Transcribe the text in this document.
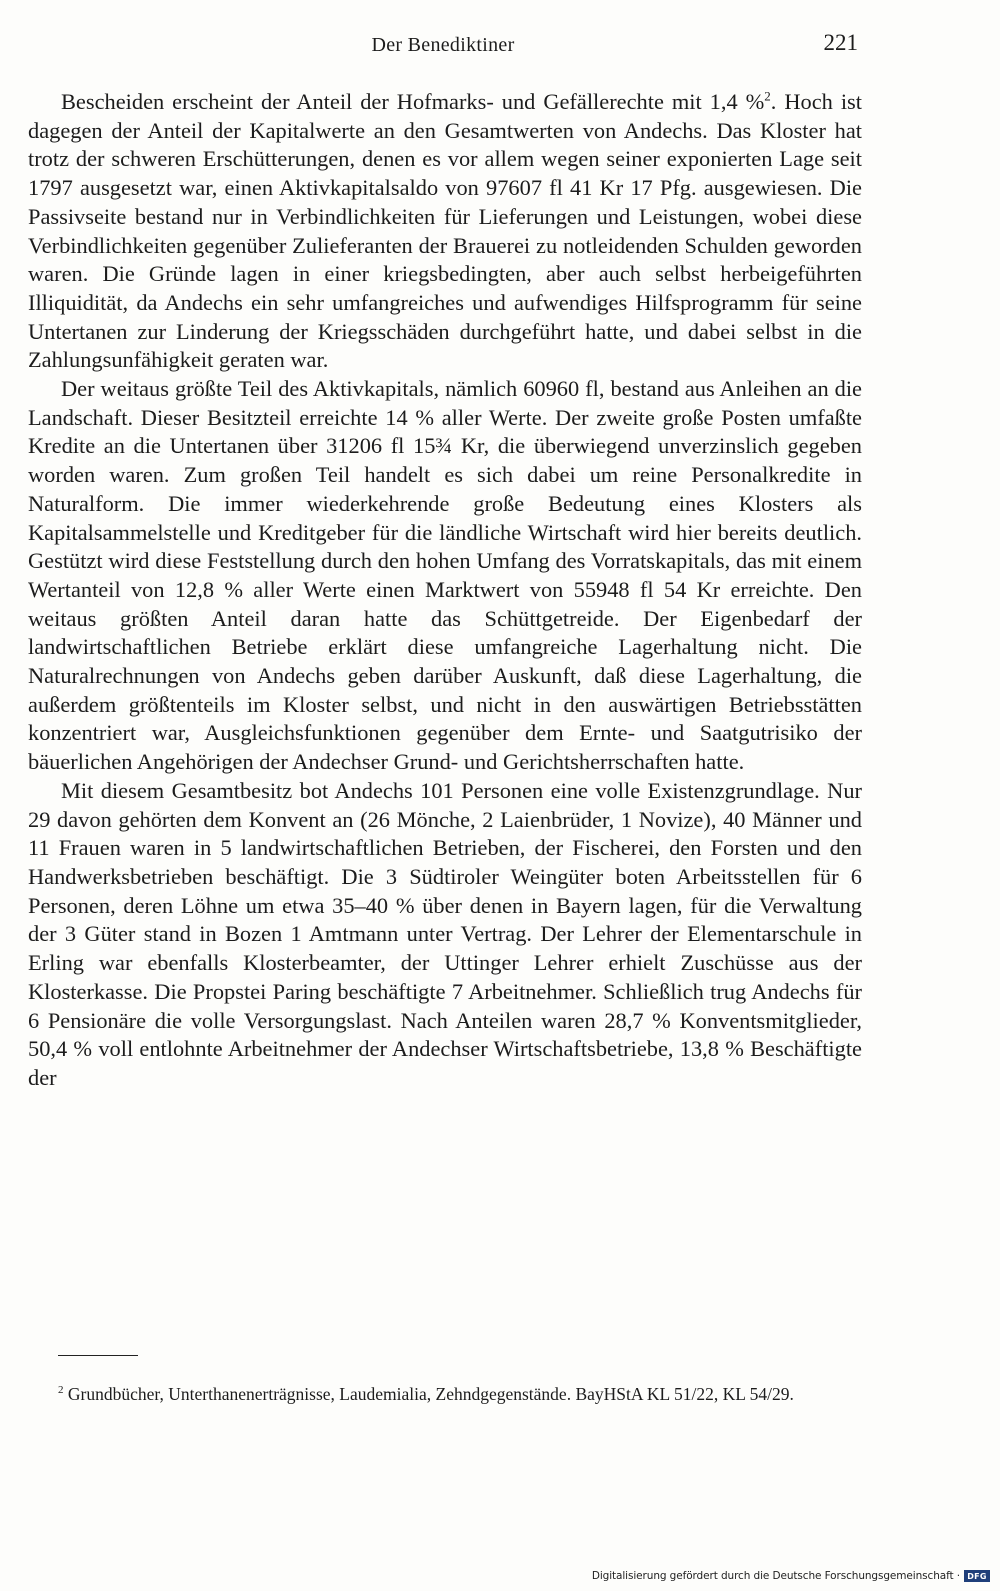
Der Benediktiner	221

Bescheiden erscheint der Anteil der Hofmarks- und Gefällerechte mit 1,4 %$^2$. Hoch ist dagegen der Anteil der Kapitalwerte an den Gesamtwerten von Andechs. Das Kloster hat trotz der schweren Erschütterungen, denen es vor allem wegen seiner exponierten Lage seit 1797 ausgesetzt war, einen Aktivkapitalsaldo von 97607 fl 41 Kr 17 Pfg. ausgewiesen. Die Passivseite bestand nur in Verbindlichkeiten für Lieferungen und Leistungen, wobei diese Verbindlichkeiten gegenüber Zulieferanten der Brauerei zu notleidenden Schulden geworden waren. Die Gründe lagen in einer kriegsbedingten, aber auch selbst herbeigeführten Illiquidität, da Andechs ein sehr umfangreiches und aufwendiges Hilfsprogramm für seine Untertanen zur Linderung der Kriegsschäden durchgeführt hatte, und dabei selbst in die Zahlungsunfähigkeit geraten war.

Der weitaus größte Teil des Aktivkapitals, nämlich 60960 fl, bestand aus Anleihen an die Landschaft. Dieser Besitzteil erreichte 14 % aller Werte. Der zweite große Posten umfaßte Kredite an die Untertanen über 31206 fl 15¾ Kr, die überwiegend unverzinslich gegeben worden waren. Zum großen Teil handelt es sich dabei um reine Personalkredite in Naturalform. Die immer wiederkehrende große Bedeutung eines Klosters als Kapitalsammelstelle und Kreditgeber für die ländliche Wirtschaft wird hier bereits deutlich. Gestützt wird diese Feststellung durch den hohen Umfang des Vorratskapitals, das mit einem Wertanteil von 12,8 % aller Werte einen Marktwert von 55948 fl 54 Kr erreichte. Den weitaus größten Anteil daran hatte das Schüttgetreide. Der Eigenbedarf der landwirtschaftlichen Betriebe erklärt diese umfangreiche Lagerhaltung nicht. Die Naturalrechnungen von Andechs geben darüber Auskunft, daß diese Lagerhaltung, die außerdem größtenteils im Kloster selbst, und nicht in den auswärtigen Betriebsstätten konzentriert war, Ausgleichsfunktionen gegenüber dem Ernte- und Saatgutrisiko der bäuerlichen Angehörigen der Andechser Grund- und Gerichtsherrschaften hatte.

Mit diesem Gesamtbesitz bot Andechs 101 Personen eine volle Existenzgrundlage. Nur 29 davon gehörten dem Konvent an (26 Mönche, 2 Laienbrüder, 1 Novize), 40 Männer und 11 Frauen waren in 5 landwirtschaftlichen Betrieben, der Fischerei, den Forsten und den Handwerksbetrieben beschäftigt. Die 3 Südtiroler Weingüter boten Arbeitsstellen für 6 Personen, deren Löhne um etwa 35–40 % über denen in Bayern lagen, für die Verwaltung der 3 Güter stand in Bozen 1 Amtmann unter Vertrag. Der Lehrer der Elementarschule in Erling war ebenfalls Klosterbeamter, der Uttinger Lehrer erhielt Zuschüsse aus der Klosterkasse. Die Propstei Paring beschäftigte 7 Arbeitnehmer. Schließlich trug Andechs für 6 Pensionäre die volle Versorgungslast. Nach Anteilen waren 28,7 % Konventsmitglieder, 50,4 % voll entlohnte Arbeitnehmer der Andechser Wirtschaftsbetriebe, 13,8 % Beschäftigte der

$^2$ Grundbücher, Unterthanenerträgnisse, Laudemialia, Zehndgegenstände. BayHStA KL 51/22, KL 54/29.
Digitalisierung gefördert durch die Deutsche Forschungsgemeinschaft · DFG
